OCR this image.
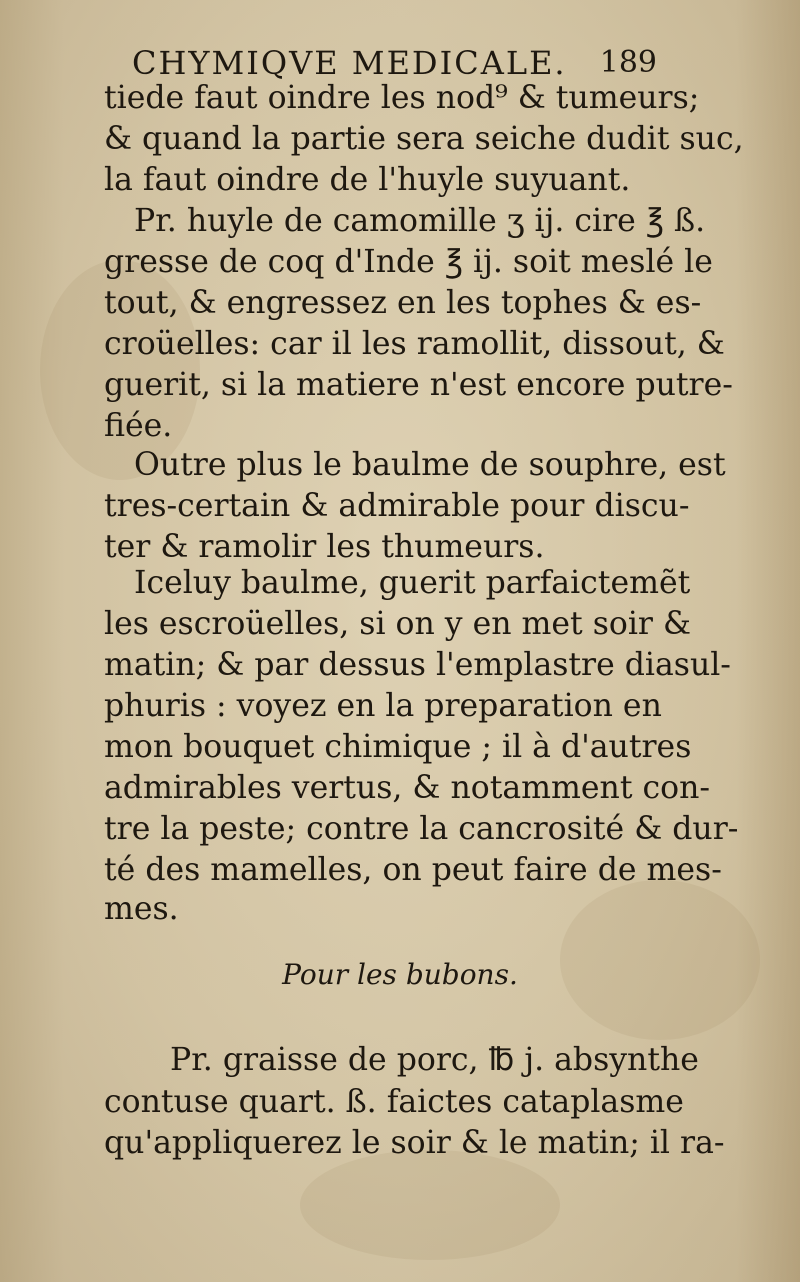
CHYMIQVE MEDICALE. 189
tiede faut oindre les nod⁹ & tumeurs;
& quand la partie sera seiche dudit suc,
la faut oindre de l'huyle suyuant.
Pr. huyle de camomille ʒ ij. cire ℥ ß.
gresse de coq d'Inde ℥ ij. soit meslé le
tout, & engressez en les tophes & es-
croüelles: car il les ramollit, dissout, &
guerit, si la matiere n'est encore putre-
fiée.
Outre plus le baulme de souphre, est
tres-certain & admirable pour discu-
ter & ramolir les thumeurs.
Iceluy baulme, guerit parfaictemẽt
les escroüelles, si on y en met soir &
matin; & par dessus l'emplastre diasul-
phuris : voyez en la preparation en
mon bouquet chimique ; il à d'autres
admirables vertus, & notamment con-
tre la peste; contre la cancrosité & dur-
té des mamelles, on peut faire de mes-
mes.
Pour les bubons.
Pr. graisse de porc, ℔ j. absynthe
contuse quart. ß. faictes cataplasme
qu'appliquerez le soir & le matin; il ra-
